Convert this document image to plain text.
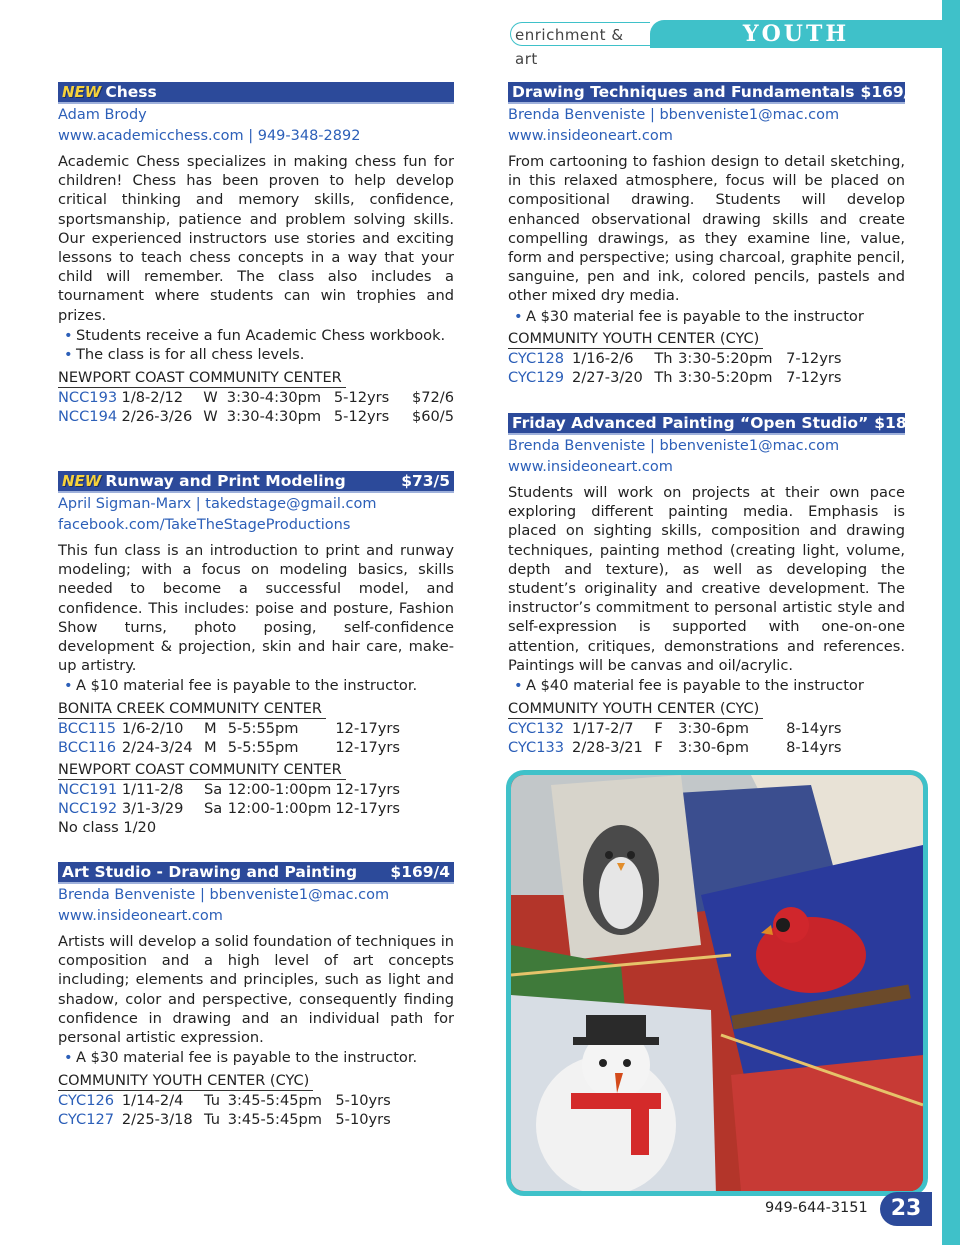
enrichment & art
YOUTH
NEW Chess
Adam Brody
www.academicchess.com | 949-348-2892
Academic Chess specializes in making chess fun for children! Chess has been proven to help develop critical thinking and memory skills, confidence, sportsmanship, patience and problem solving skills. Our experienced instructors use stories and exciting lessons to teach chess concepts in a way that your child will remember. The class also includes a tournament where students can win trophies and prizes.
• Students receive a fun Academic Chess workbook.
• The class is for all chess levels.
NEWPORT COAST COMMUNITY CENTER
NCC193 1/8-2/12	W 3:30-4:30pm 5-12yrs	$72/6
NCC194 2/26-3/26 W 3:30-4:30pm 5-12yrs	$60/5
NEW Runway and Print Modeling	$73/5
April Sigman-Marx | takedstage@gmail.com
facebook.com/TakeTheStageProductions
This fun class is an introduction to print and runway modeling; with a focus on modeling basics, skills needed to become a successful model, and confidence. This includes: poise and posture, Fashion Show turns, photo posing, self-confidence development & projection, skin and hair care, make-up artistry.
• A $10 material fee is payable to the instructor.
BONITA CREEK COMMUNITY CENTER
BCC115 1/6-2/10	M 5-5:55pm	12-17yrs
BCC116 2/24-3/24 M 5-5:55pm	12-17yrs
NEWPORT COAST COMMUNITY CENTER
NCC191 1/11-2/8	Sa 12:00-1:00pm 12-17yrs
NCC192 3/1-3/29	Sa 12:00-1:00pm 12-17yrs
No class 1/20
Art Studio - Drawing and Painting	$169/4
Brenda Benveniste | bbenveniste1@mac.com
www.insideoneart.com
Artists will develop a solid foundation of techniques in composition and a high level of art concepts including; elements and principles, such as light and shadow, color and perspective, consequently finding confidence in drawing and an individual path for personal artistic expression.
• A $30 material fee is payable to the instructor.
COMMUNITY YOUTH CENTER (CYC)
CYC126 1/14-2/4	Tu 3:45-5:45pm 5-10yrs
CYC127 2/25-3/18 Tu 3:45-5:45pm 5-10yrs
Drawing Techniques and Fundamentals $169/4
Brenda Benveniste | bbenveniste1@mac.com
www.insideoneart.com
From cartooning to fashion design to detail sketching, in this relaxed atmosphere, focus will be placed on compositional drawing. Students will develop enhanced observational drawing skills and create compelling drawings, as they examine line, value, form and perspective; using charcoal, graphite pencil, sanguine, pen and ink, colored pencils, pastels and other mixed dry media.
• A $30 material fee is payable to the instructor
COMMUNITY YOUTH CENTER (CYC)
CYC128 1/16-2/6	Th 3:30-5:20pm 7-12yrs
CYC129 2/27-3/20 Th 3:30-5:20pm 7-12yrs
Friday Advanced Painting “Open Studio” $189/4
Brenda Benveniste | bbenveniste1@mac.com
www.insideoneart.com
Students will work on projects at their own pace exploring different painting media. Emphasis is placed on sighting skills, composition and drawing techniques, painting method (creating light, volume, depth and texture), as well as developing the student’s originality and creative development. The instructor’s commitment to personal artistic style and self-expression is supported with one-on-one attention, critiques, demonstrations and references. Paintings will be canvas and oil/acrylic.
• A $40 material fee is payable to the instructor
COMMUNITY YOUTH CENTER (CYC)
CYC132 1/17-2/7	F	3:30-6pm	8-14yrs
CYC133 2/28-3/21 F	3:30-6pm	8-14yrs
949-644-3151	23
